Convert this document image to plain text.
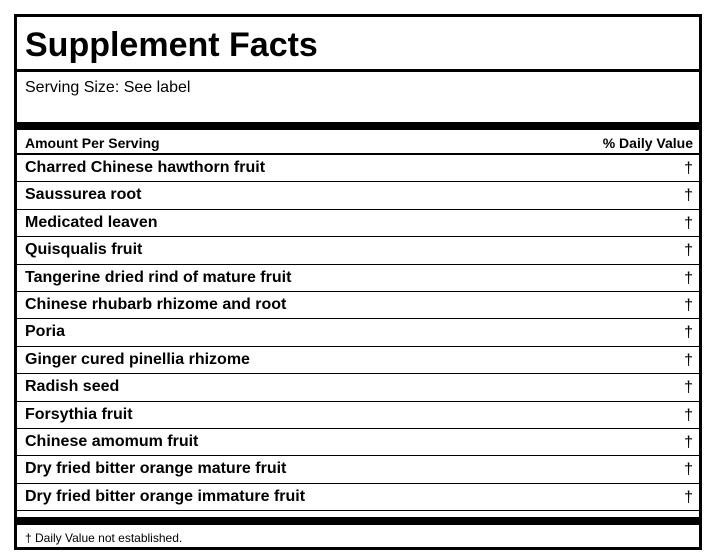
Supplement Facts
Serving Size: See label
Amount Per Serving	% Daily Value
Charred Chinese hawthorn fruit	†
Saussurea root	†
Medicated leaven	†
Quisqualis fruit	†
Tangerine dried rind of mature fruit	†
Chinese rhubarb rhizome and root	†
Poria	†
Ginger cured pinellia rhizome	†
Radish seed	†
Forsythia fruit	†
Chinese amomum fruit	†
Dry fried bitter orange mature fruit	†
Dry fried bitter orange immature fruit	†
† Daily Value not established.
